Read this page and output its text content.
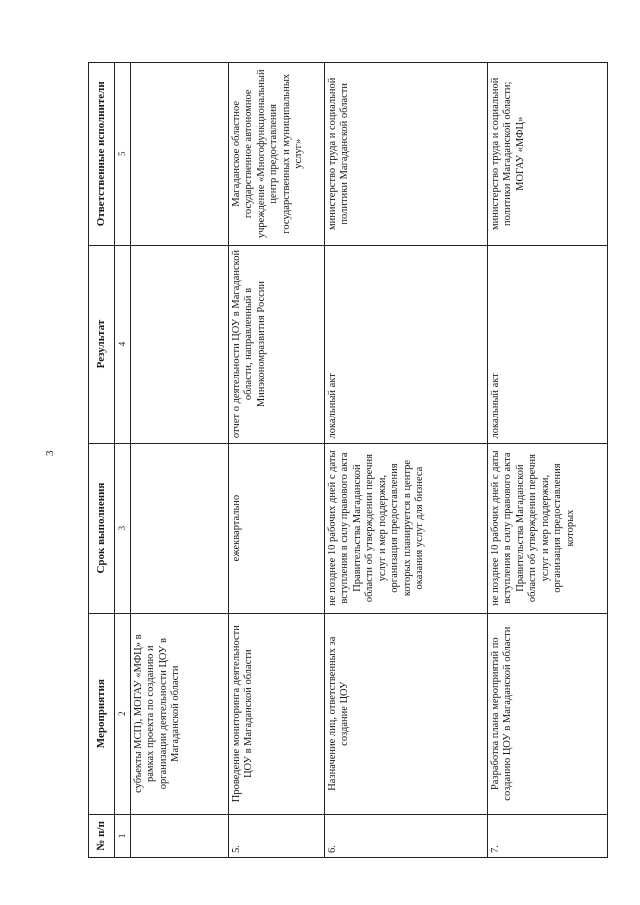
3
№ п/п	Мероприятия	Срок выполнения	Результат	Ответственные исполнители
1	2	3	4	5
	субъекты МСП), МОГАУ «МФЦ» в рамках проекта по созданию и организации деятельности ЦОУ в Магаданской области			
5.	Проведение мониторинга деятельности ЦОУ в Магаданской области	ежеквартально	отчет о деятельности ЦОУ в Магаданской области, направленный в Минэкономразвития России	Магаданское областное государственное автономное учреждение «Многофункциональный центр предоставления государственных и муниципальных услуг»
6.	Назначение лиц, ответственных за создание ЦОУ	не позднее 10 рабочих дней с даты вступления в силу правового акта Правительства Магаданской области об утверждении перечня услуг и мер поддержки, организация предоставления которых планируется в центре оказания услуг для бизнеса	локальный акт	министерство труда и социальной политики Магаданской области
7.	Разработка плана мероприятий по созданию ЦОУ в Магаданской области	не позднее 10 рабочих дней с даты вступления в силу правового акта Правительства Магаданской области об утверждении перечня услуг и мер поддержки, организация предоставления которых	локальный акт	министерство труда и социальной политики Магаданской области; МОГАУ «МФЦ»
